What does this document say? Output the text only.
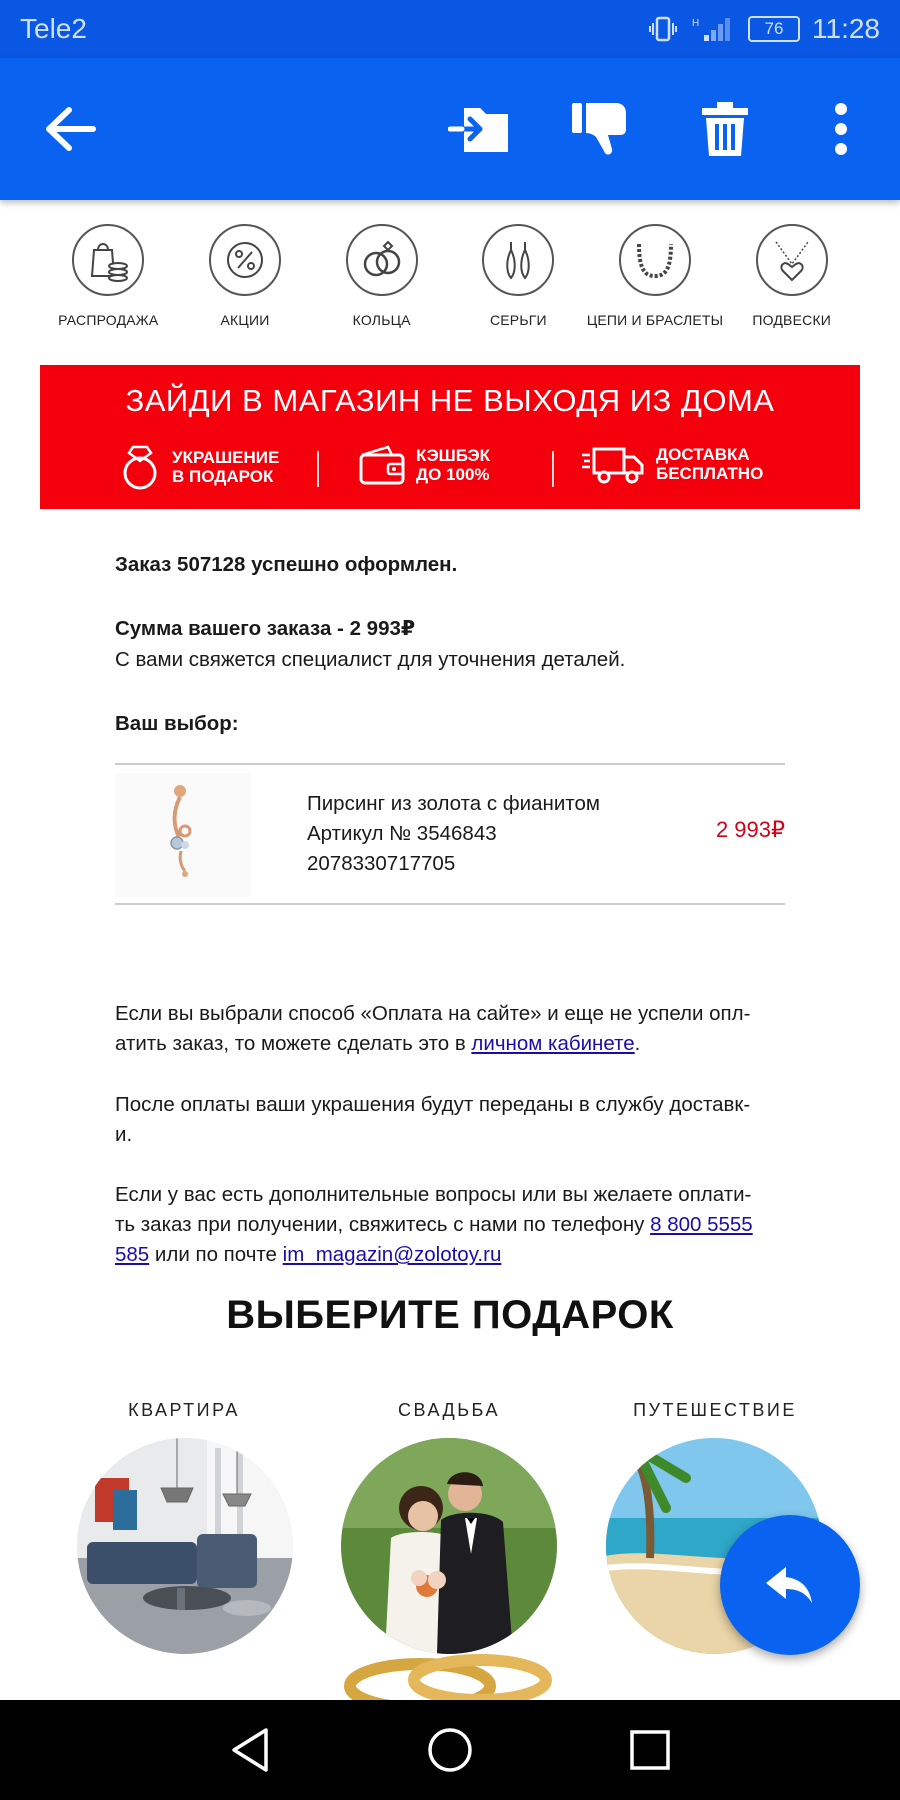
Tele2	H	76	11:28
РАСПРОДАЖА	АКЦИИ	КОЛЬЦА	СЕРЬГИ	ЦЕПИ И БРАСЛЕТЫ ПОДВЕСКИ
ЗАЙДИ В МАГАЗИН НЕ ВЫХОДЯ ИЗ ДОМА
УКРАШЕНИЕ
В ПОДАРОК
КЭШБЭК
ДО 100%
ДОСТАВКА
БЕСПЛАТНО
Заказ 507128 успешно оформлен.
Сумма вашего заказа - 2 993₽
С вами свяжется специалист для уточнения деталей.
Ваш выбор:
Пирсинг из золота с фианитом
Артикул № 3546843
2078330717705
2 993₽
Если вы выбрали способ «Оплата на сайте» и еще не успели опл-
атить заказ, то можете сделать это в личном кабинете.
После оплаты ваши украшения будут переданы в службу доставк-
и.
Если у вас есть дополнительные вопросы или вы желаете оплати-
ть заказ при получении, свяжитесь с нами по телефону 8 800 5555
585 или по почте im_magazin@zolotoy.ru
ВЫБЕРИТЕ ПОДАРОК
КВАРТИРА	СВАДЬБА	ПУТЕШЕСТВИЕ
